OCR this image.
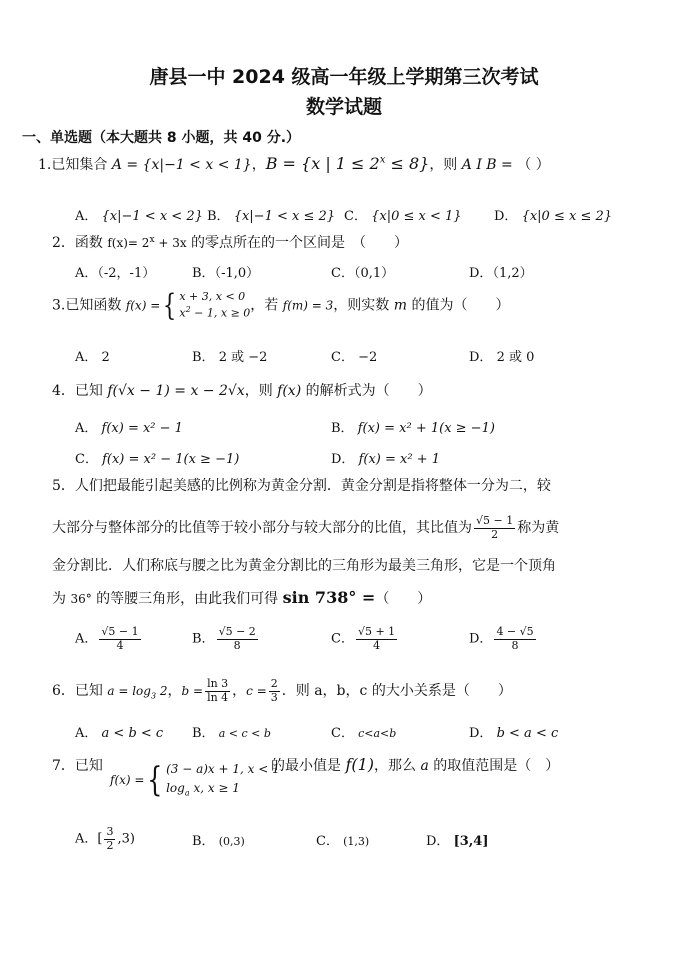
唐县一中 2024 级高一年级上学期第三次考试
数学试题
一、单选题（本大题共 8 小题，共 40 分.）
1.已知集合 A = {x|−1 < x < 1}，B = {x | $1 \le 2^x \le 8$}，则 A I B = （ ）
A． {x|−1 < x < 2} B． {x|−1 < x ≤ 2} C． {x|0 ≤ x < 1} D． {x|0 ≤ x ≤ 2}
2．函数 $f(x)= 2^x + 3x$ 的零点所在的一个区间是　（　　）
A．（-2，-1）	B．（-1,0）	C．（0,1）	D．（1,2）
3.已知函数 f(x) ={ x + 3, x < 0
$x^2 - 1$, x ≥ 0 ，若 f(m) = 3，则实数 m 的值为（　　）
A． 2	B． 2 或 −2	C． −2	D． 2 或 0
4．已知 f(√x − 1) = x − 2√x，则 f(x) 的解析式为（　　）
A． f(x) = x² − 1	B． f(x) = x² + 1(x ≥ −1)
C． f(x) = x² − 1(x ≥ −1)	D． f(x) = x² + 1
5．人们把最能引起美感的比例称为黄金分割．黄金分割是指将整体一分为二，较
大部分与整体部分的比值等于较小部分与较大部分的比值，其比值为 $\frac{√5 - 1}{2}$ 称为黄
金分割比．人们称底与腰之比为黄金分割比的三角形为最美三角形，它是一个顶角
为 36° 的等腰三角形，由此我们可得 sin 738° =（　　）
A． $\frac{√5 - 1}{4}$	B． $\frac{√5 - 2}{8}$	C． $\frac{√5 + 1}{4}$	D． $\frac{4 - √5}{8}$
6．已知 $a = \log_3 2$，$b = \frac{\ln 3}{\ln 4}$ ，$c = \frac{2}{3}$ ．则 a，b，c 的大小关系是（　　）
A． a < b < c B． a < c < b	C． c<a<b	D． b < a < c
7．已知
f(x) ={ (3 − a)x + 1, x < 1
$\log_a x$, x ≥ 1
的最小值是 f(1)，那么 a 的取值范围是（　）
A．[ $\frac{3}{2} ,3$)	B． (0,3)	C． (1,3)	D． [3,4]
